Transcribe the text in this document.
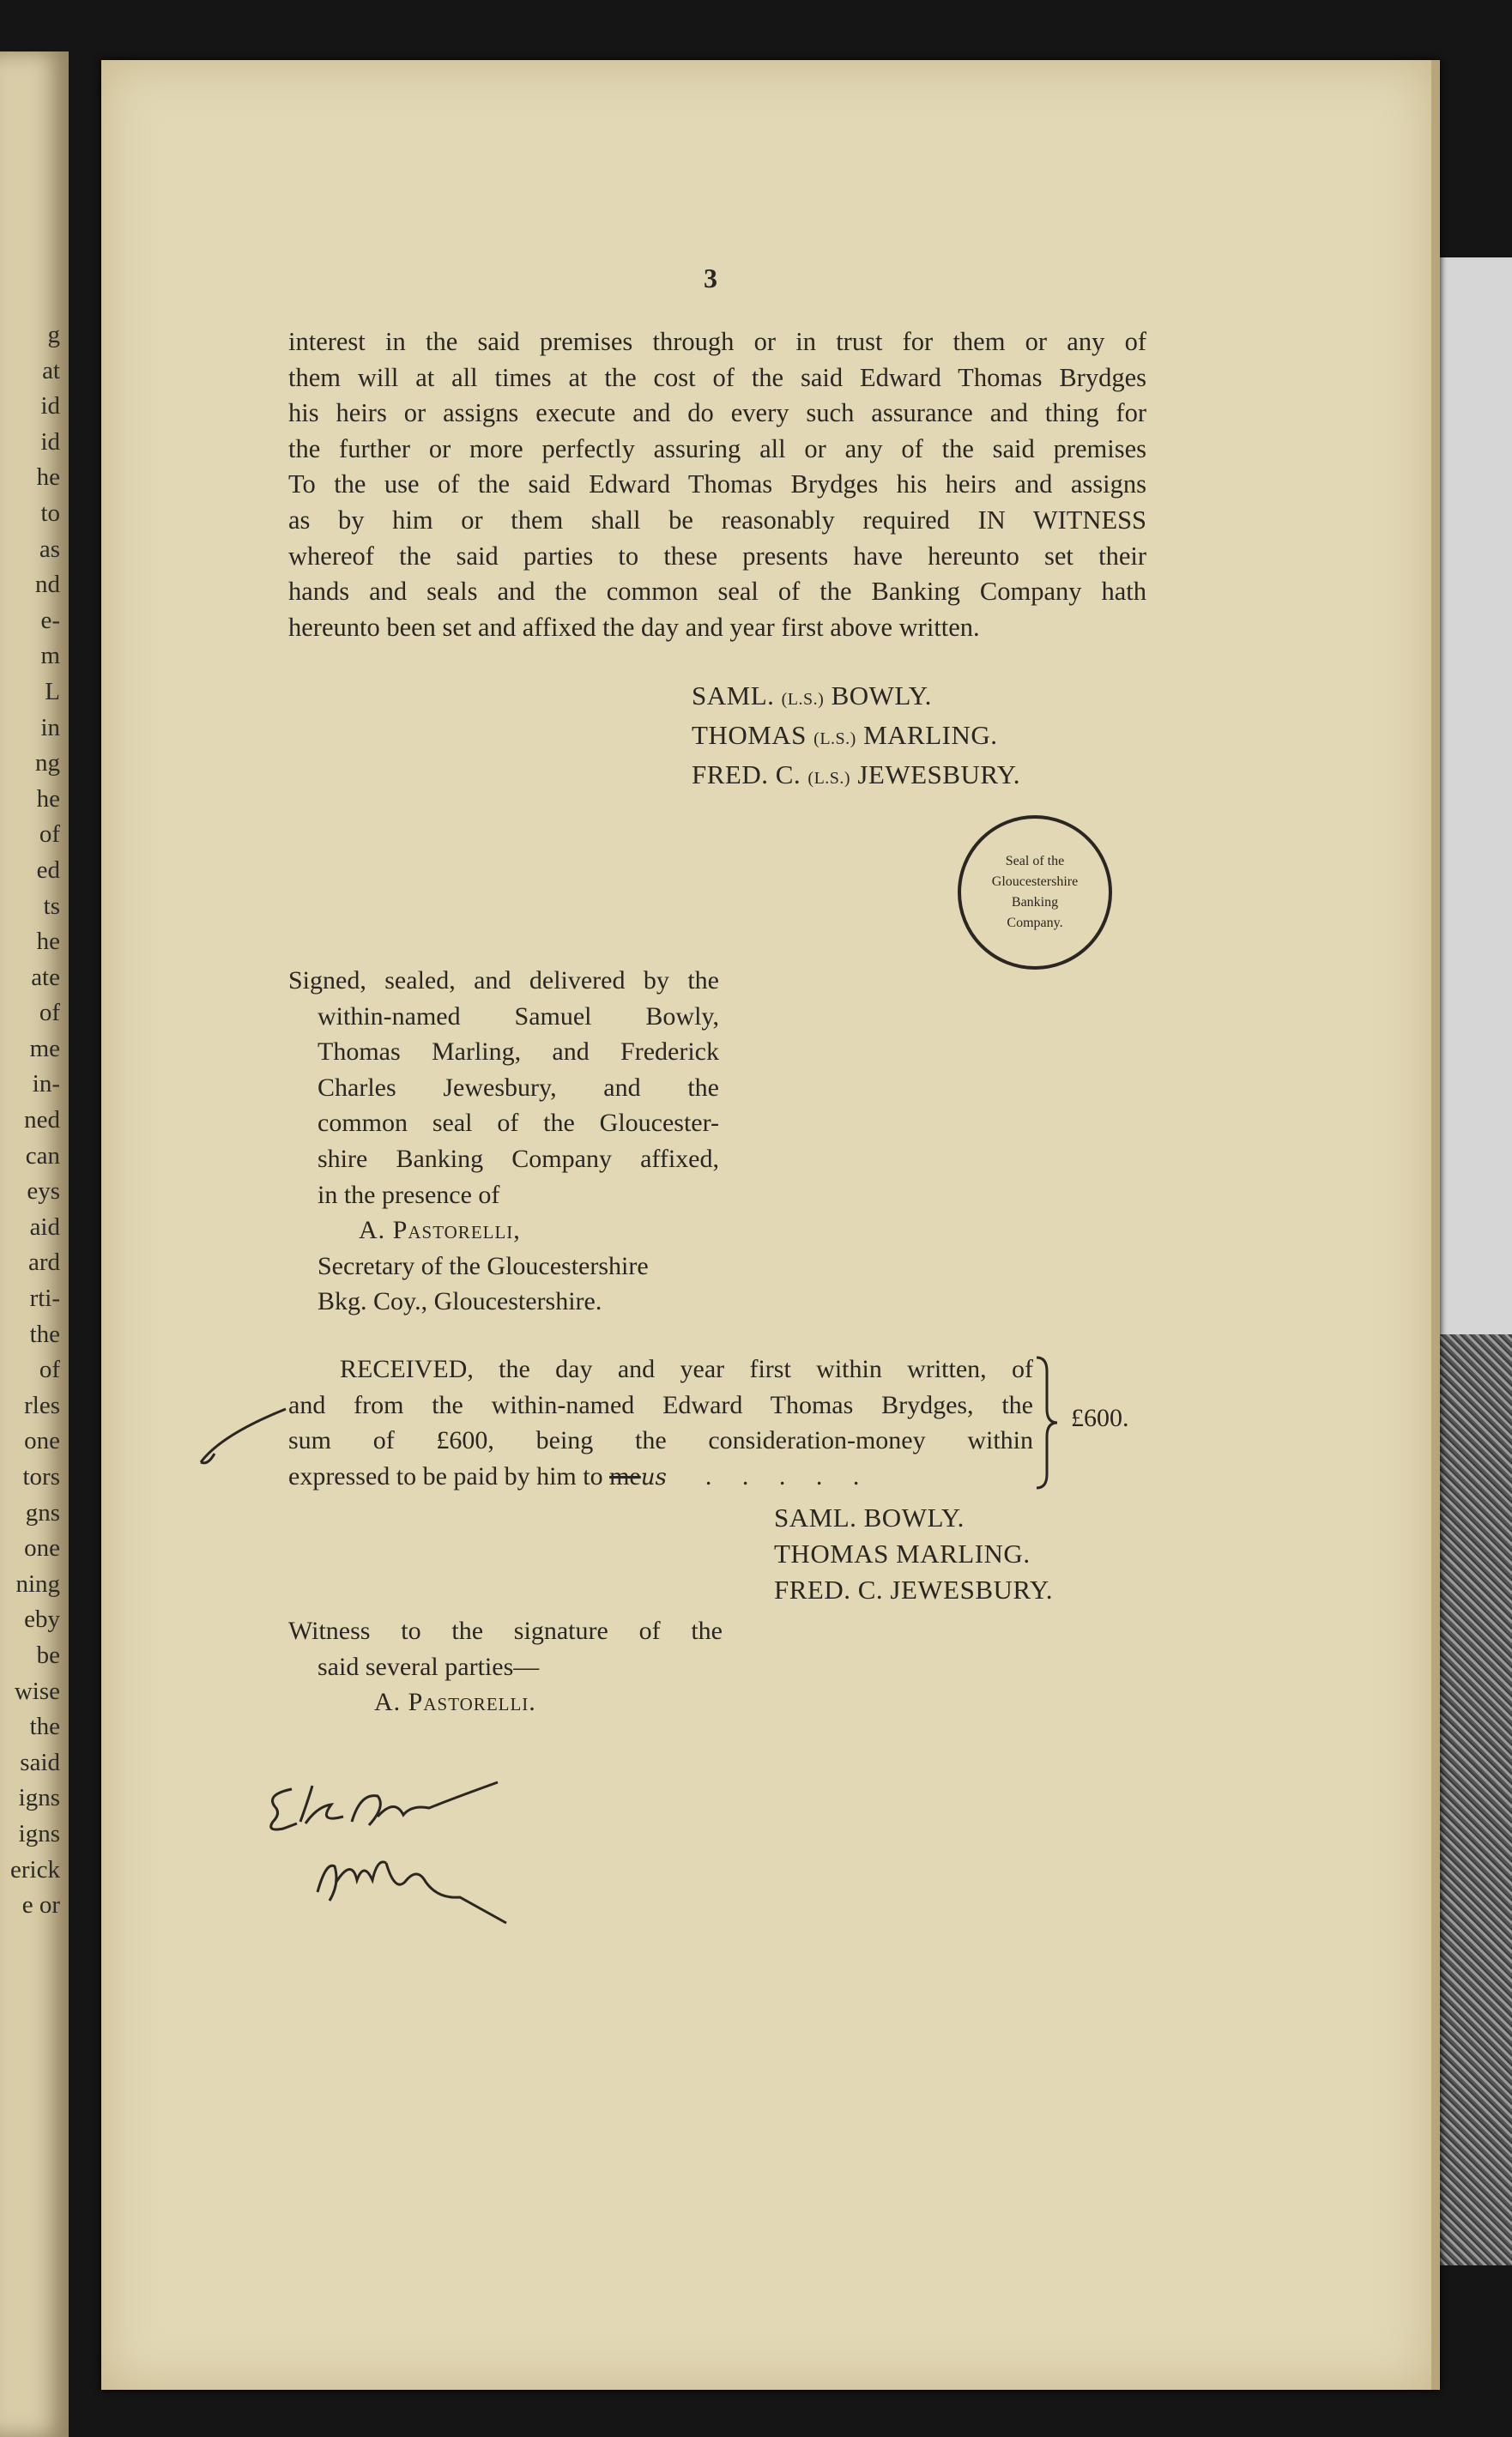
g
at
id
id
he
to
as
nd
e-
m
L
in
ng
he
of
ed
ts
he
ate
of
me
in-
ned
can
eys
aid
ard
rti-
the
of
rles
one
tors
gns
one
ning
eby
be
wise
the
said
igns
igns
erick
e or
3
interest in the said premises through or in trust for them or any of
them will at all times at the cost of the said Edward Thomas Brydges
his heirs or assigns execute and do every such assurance and thing for
the further or more perfectly assuring all or any of the said premises
To the use of the said Edward Thomas Brydges his heirs and assigns
as by him or them shall be reasonably required IN WITNESS
whereof the said parties to these presents have hereunto set their
hands and seals and the common seal of the Banking Company hath
hereunto been set and affixed the day and year first above written.
SAML. (L.S.) BOWLY.
THOMAS (L.S.) MARLING.
FRED. C. (L.S.) JEWESBURY.
Seal of the
Gloucestershire
Banking
Company.
Signed, sealed, and delivered by the
within-named Samuel Bowly,
Thomas Marling, and Frederick
Charles Jewesbury, and the
common seal of the Gloucester-
shire Banking Company affixed,
in the presence of
A. Pastorelli,
Secretary of the Gloucestershire
Bkg. Coy., Gloucestershire.
RECEIVED, the day and year first within written, of
and from the within-named Edward Thomas Brydges, the
sum of £600, being the consideration-money within
expressed to be paid by him to meus . . . . .
£600.
SAML. BOWLY.
THOMAS MARLING.
FRED. C. JEWESBURY.
Witness to the signature of the
said several parties—
A. Pastorelli.
